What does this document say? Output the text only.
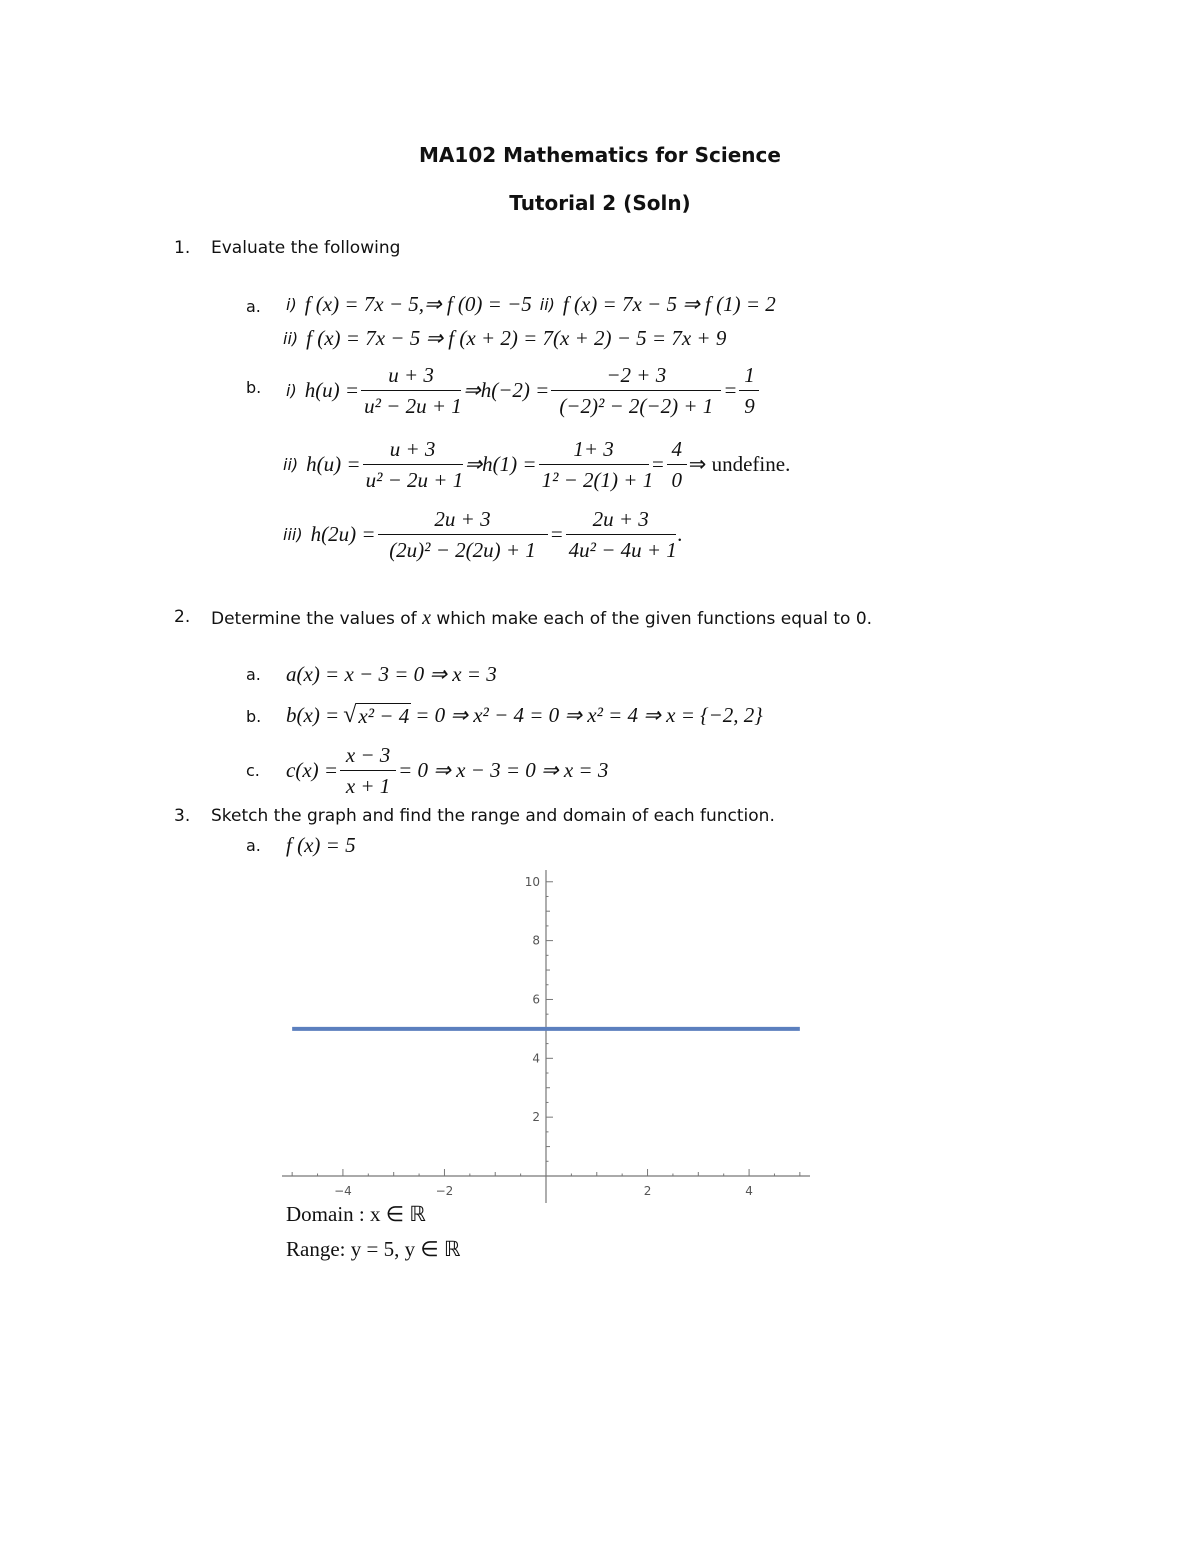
MA102 Mathematics for Science
Tutorial 2 (Soln)
1. Evaluate the following
a. i) f (x) = 7x − 5,⇒ f (0) = −5 ii) f (x) = 7x − 5 ⇒ f (1) = 2
ii) f (x) = 7x − 5 ⇒ f (x + 2) = 7(x + 2) − 5 = 7x + 9
b. i) $h(u) = \frac{u + 3}{\text{u² − 2u + 1}}$ ⇒h(−2) = $\frac{-2 + 3}{\text{(−2)² − 2(−2) + 1}} = \frac{1}{9}$
ii) $h(u) = \frac{u + 3}{\text{u² − 2u + 1}}$ ⇒h(1) = $\frac{1+ 3}{\text{1² − 2(1) + 1}} = \frac{4}{0}$ ⇒ undefine.
iii) $h(2u) = \frac{2u + 3}{\text{(2u)² − 2(2u) + 1}} = \frac{2u + 3}{\text{4u² − 4u + 1}}$ .
2. Determine the values of x which make each of the given functions equal to 0.
a. a(x) = x − 3 = 0 ⇒ x = 3
b. b(x) = √ x² − 4 = 0 ⇒ x² − 4 = 0 ⇒ x² = 4 ⇒ x = {−2, 2}
c. $c(x) = \frac{x - 3}{x + 1} = 0$ ⇒ x − 3 = 0 ⇒ x = 3
3. Sketch the graph and find the range and domain of each function.
a. f (x) = 5
−4	−2	2	4
2
4
6
8
10
Domain : x ∈ ℝ
Range: y = 5, y ∈ ℝ
